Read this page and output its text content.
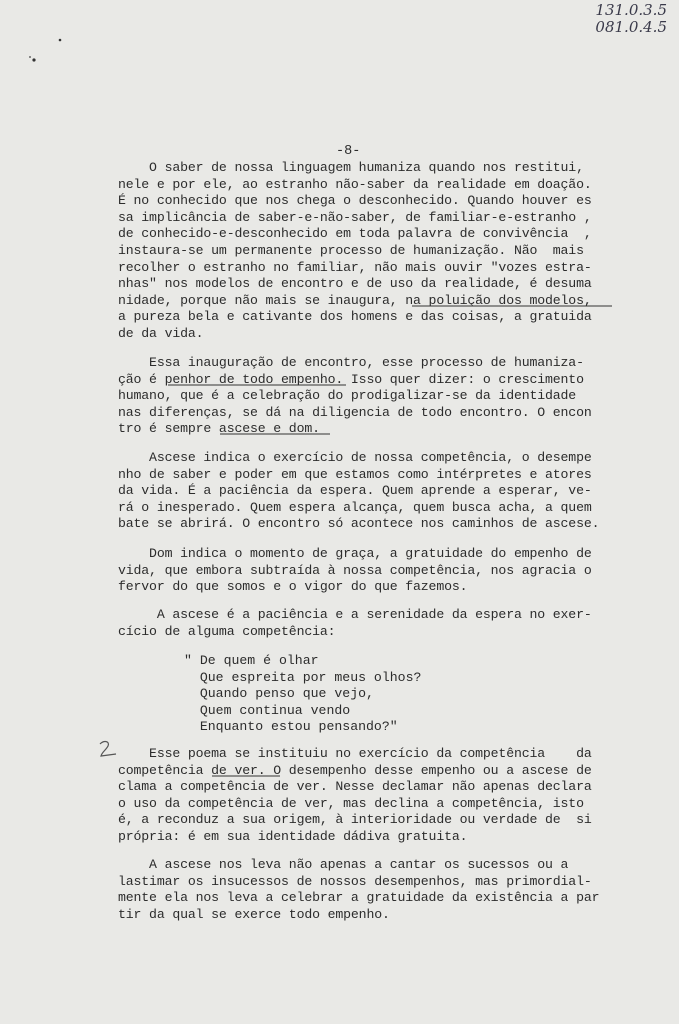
131.0.3.5
081.0.4.5
-8-
O saber de nossa linguagem humaniza quando nos restitui,
nele e por ele, ao estranho não-saber da realidade em doação.
É no conhecido que nos chega o desconhecido. Quando houver es
sa implicância de saber-e-não-saber, de familiar-e-estranho ,
de conhecido-e-desconhecido em toda palavra de convivência  ,
instaura-se um permanente processo de humanização. Não  mais
recolher o estranho no familiar, não mais ouvir "vozes estra-
nhas" nos modelos de encontro e de uso da realidade, é desuma
nidade, porque não mais se inaugura, na poluição dos modelos,
a pureza bela e cativante dos homens e das coisas, a gratuida
de da vida.
Essa inauguração de encontro, esse processo de humaniza-
ção é penhor de todo empenho. Isso quer dizer: o crescimento
humano, que é a celebração do prodigalizar-se da identidade
nas diferenças, se dá na diligencia de todo encontro. O encon
tro é sempre ascese e dom.
Ascese indica o exercício de nossa competência, o desempe
nho de saber e poder em que estamos como intérpretes e atores
da vida. É a paciência da espera. Quem aprende a esperar, ve-
rá o inesperado. Quem espera alcança, quem busca acha, a quem
bate se abrirá. O encontro só acontece nos caminhos de ascese.
Dom indica o momento de graça, a gratuidade do empenho de
vida, que embora subtraída à nossa competência, nos agracia o
fervor do que somos e o vigor do que fazemos.
A ascese é a paciência e a serenidade da espera no exer-
cício de alguma competência:
" De quem é olhar
Que espreita por meus olhos?
Quando penso que vejo,
Quem continua vendo
Enquanto estou pensando?"
Esse poema se instituiu no exercício da competência    da
competência de ver. O desempenho desse empenho ou a ascese de
clama a competência de ver. Nesse declamar não apenas declara
o uso da competência de ver, mas declina a competência, isto
é, a reconduz a sua origem, à interioridade ou verdade de  si
própria: é em sua identidade dádiva gratuita.
A ascese nos leva não apenas a cantar os sucessos ou a
lastimar os insucessos de nossos desempenhos, mas primordial-
mente ela nos leva a celebrar a gratuidade da existência a par
tir da qual se exerce todo empenho.
